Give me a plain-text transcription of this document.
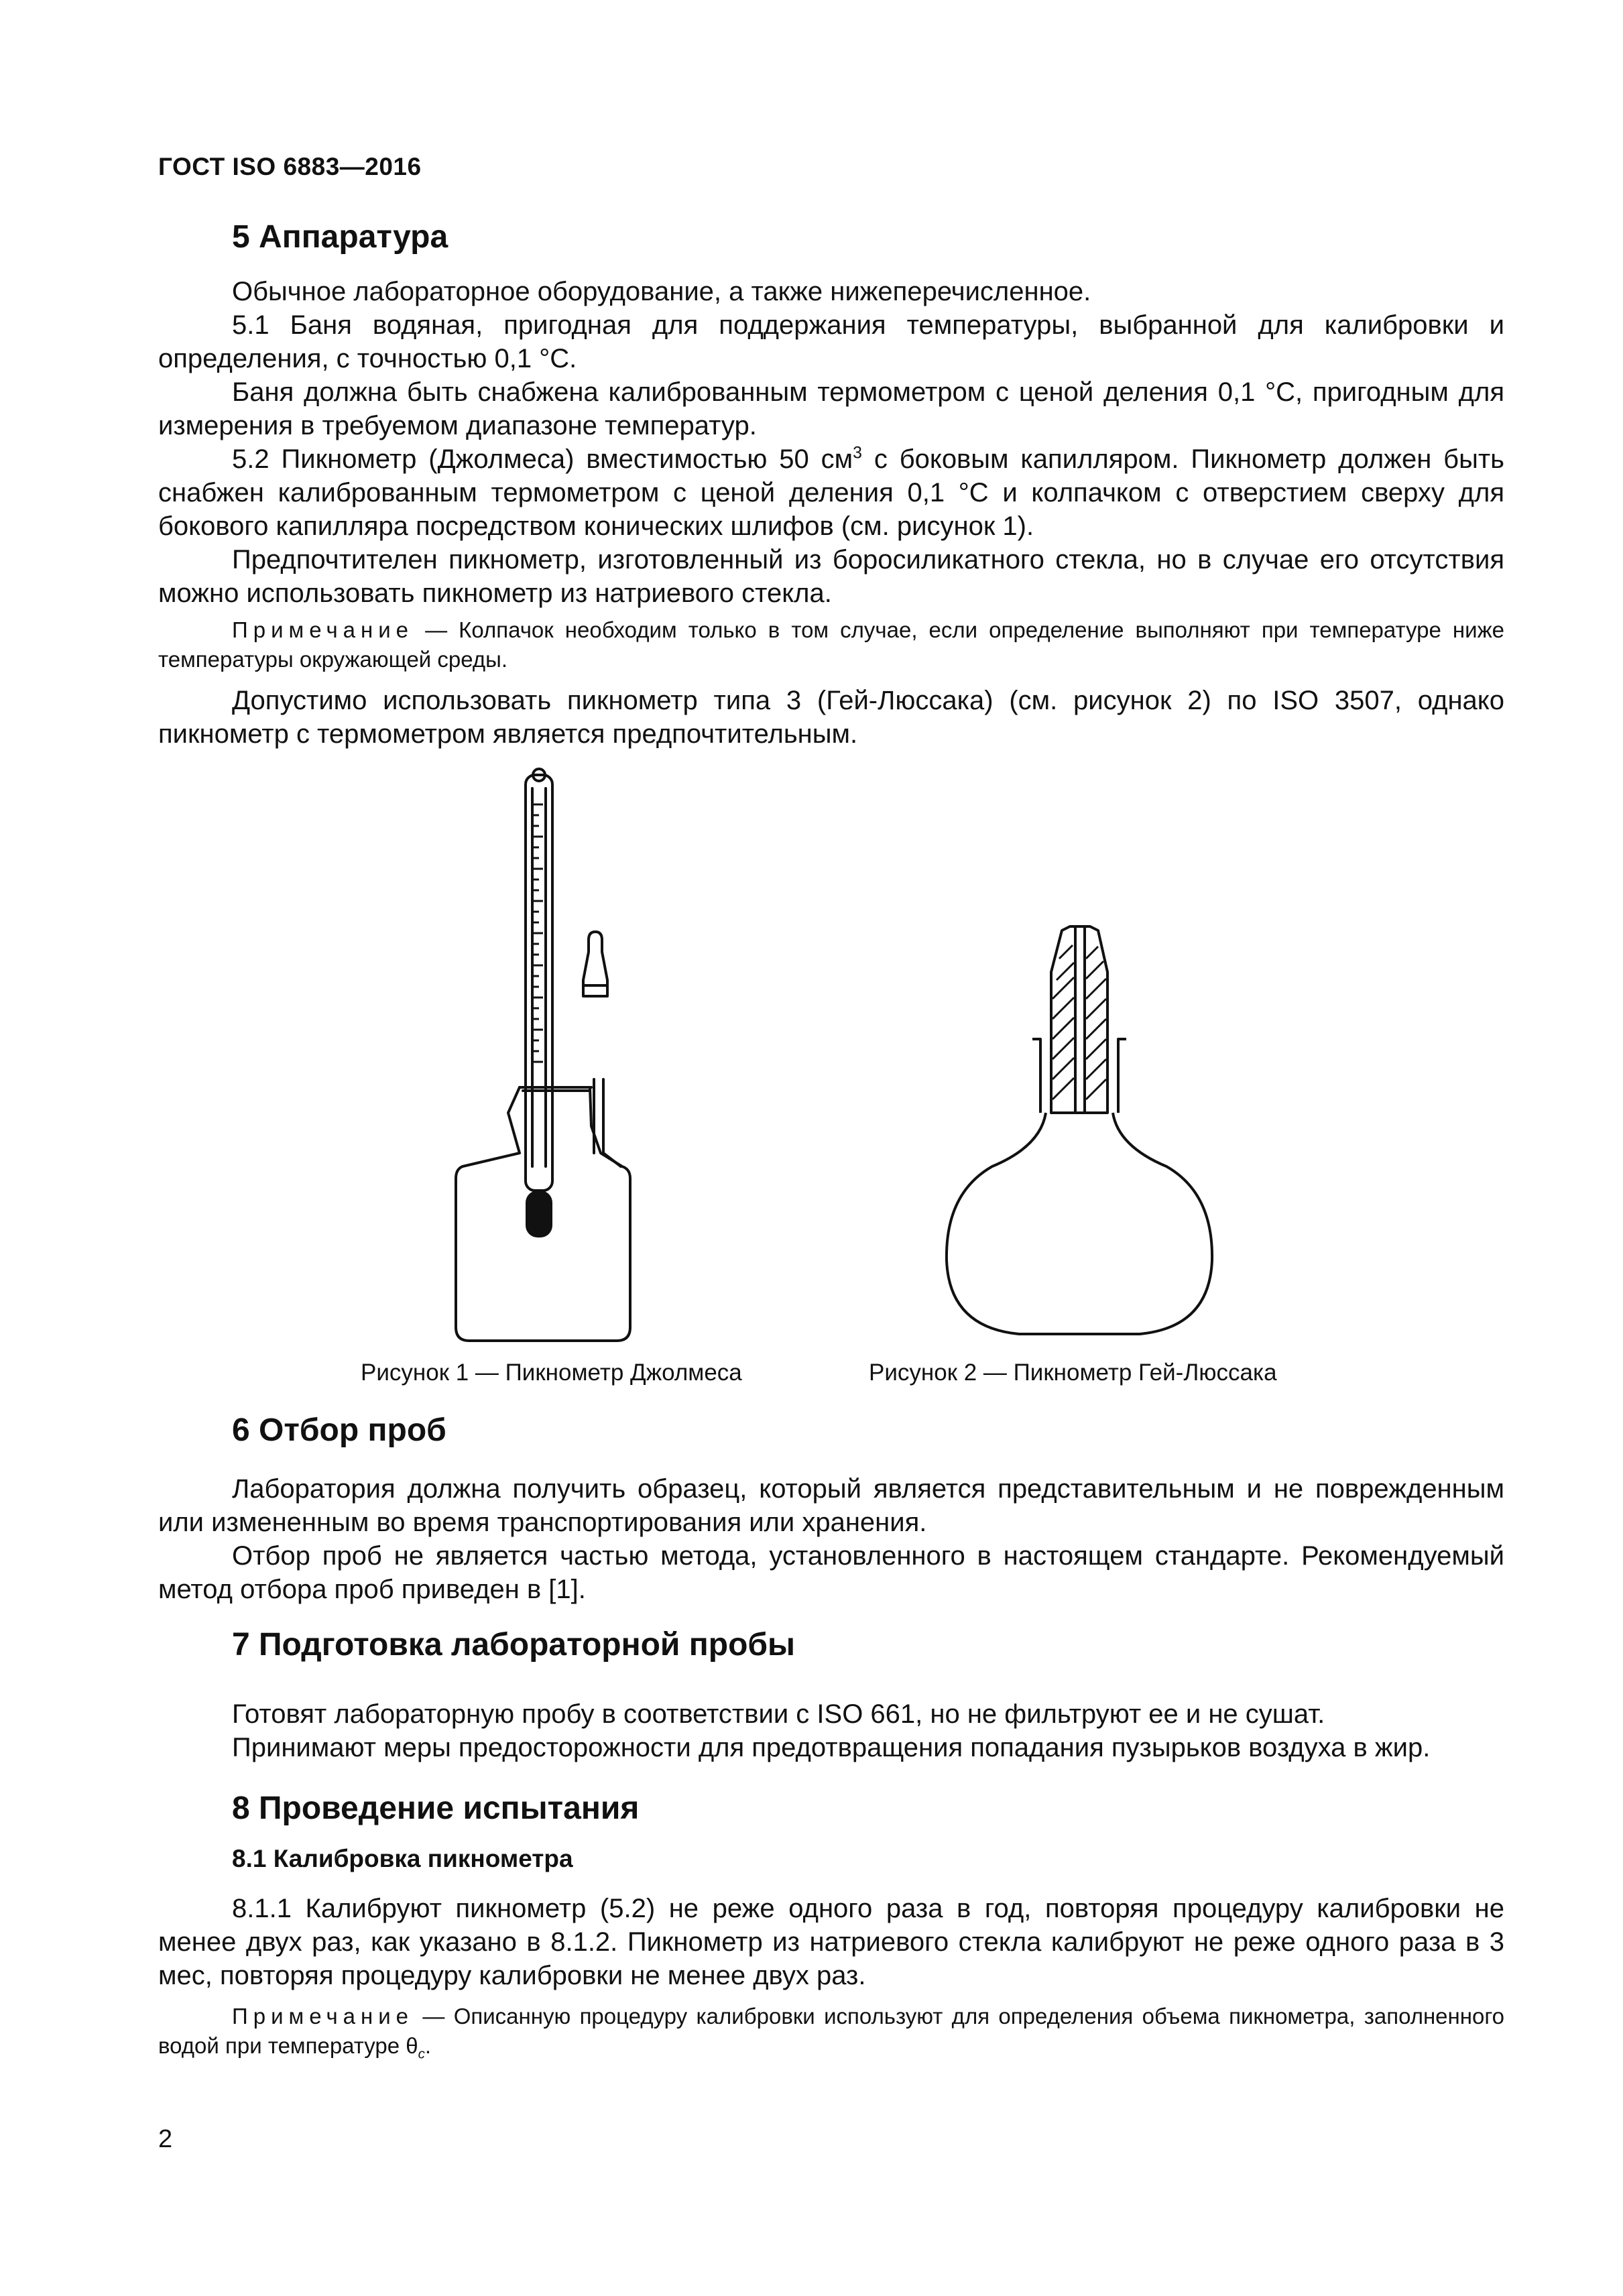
ГОСТ ISO 6883—2016
5 Аппаратура

Обычное лабораторное оборудование, а также нижеперечисленное.

5.1 Баня водяная, пригодная для поддержания температуры, выбранной для калибровки и определения, с точностью 0,1 °С.

Баня должна быть снабжена калиброванным термометром с ценой деления 0,1 °С, пригодным для измерения в требуемом диапазоне температур.

5.2 Пикнометр (Джолмеса) вместимостью 50 $см^3$ с боковым капилляром. Пикнометр должен быть снабжен калиброванным термометром с ценой деления 0,1 °С и колпачком с отверстием сверху для бокового капилляра посредством конических шлифов (см. рисунок 1).

Предпочтителен пикнометр, изготовленный из боросиликатного стекла, но в случае его отсутствия можно использовать пикнометр из натриевого стекла.

Примечание — Колпачок необходим только в том случае, если определение выполняют при температуре ниже температуры окружающей среды.

Допустимо использовать пикнометр типа 3 (Гей-Люссака) (см. рисунок 2) по ISO 3507, однако пикнометр с термометром является предпочтительным.

Рисунок 1 — Пикнометр Джолмеса	Рисунок 2 — Пикнометр Гей-Люссака
6 Отбор проб

Лаборатория должна получить образец, который является представительным и не поврежденным или измененным во время транспортирования или хранения.

Отбор проб не является частью метода, установленного в настоящем стандарте. Рекомендуемый метод отбора проб приведен в [1].

7 Подготовка лабораторной пробы

Готовят лабораторную пробу в соответствии с ISO 661, но не фильтруют ее и не сушат.

Принимают меры предосторожности для предотвращения попадания пузырьков воздуха в жир.

8 Проведение испытания
8.1 Калибровка пикнометра

8.1.1 Калибруют пикнометр (5.2) не реже одного раза в год, повторяя процедуру калибровки не менее двух раз, как указано в 8.1.2. Пикнометр из натриевого стекла калибруют не реже одного раза в 3 мес, повторяя процедуру калибровки не менее двух раз.

Примечание — Описанную процедуру калибровки используют для определения объема пикнометра, заполненного водой при температуре $\theta_c$.

2
